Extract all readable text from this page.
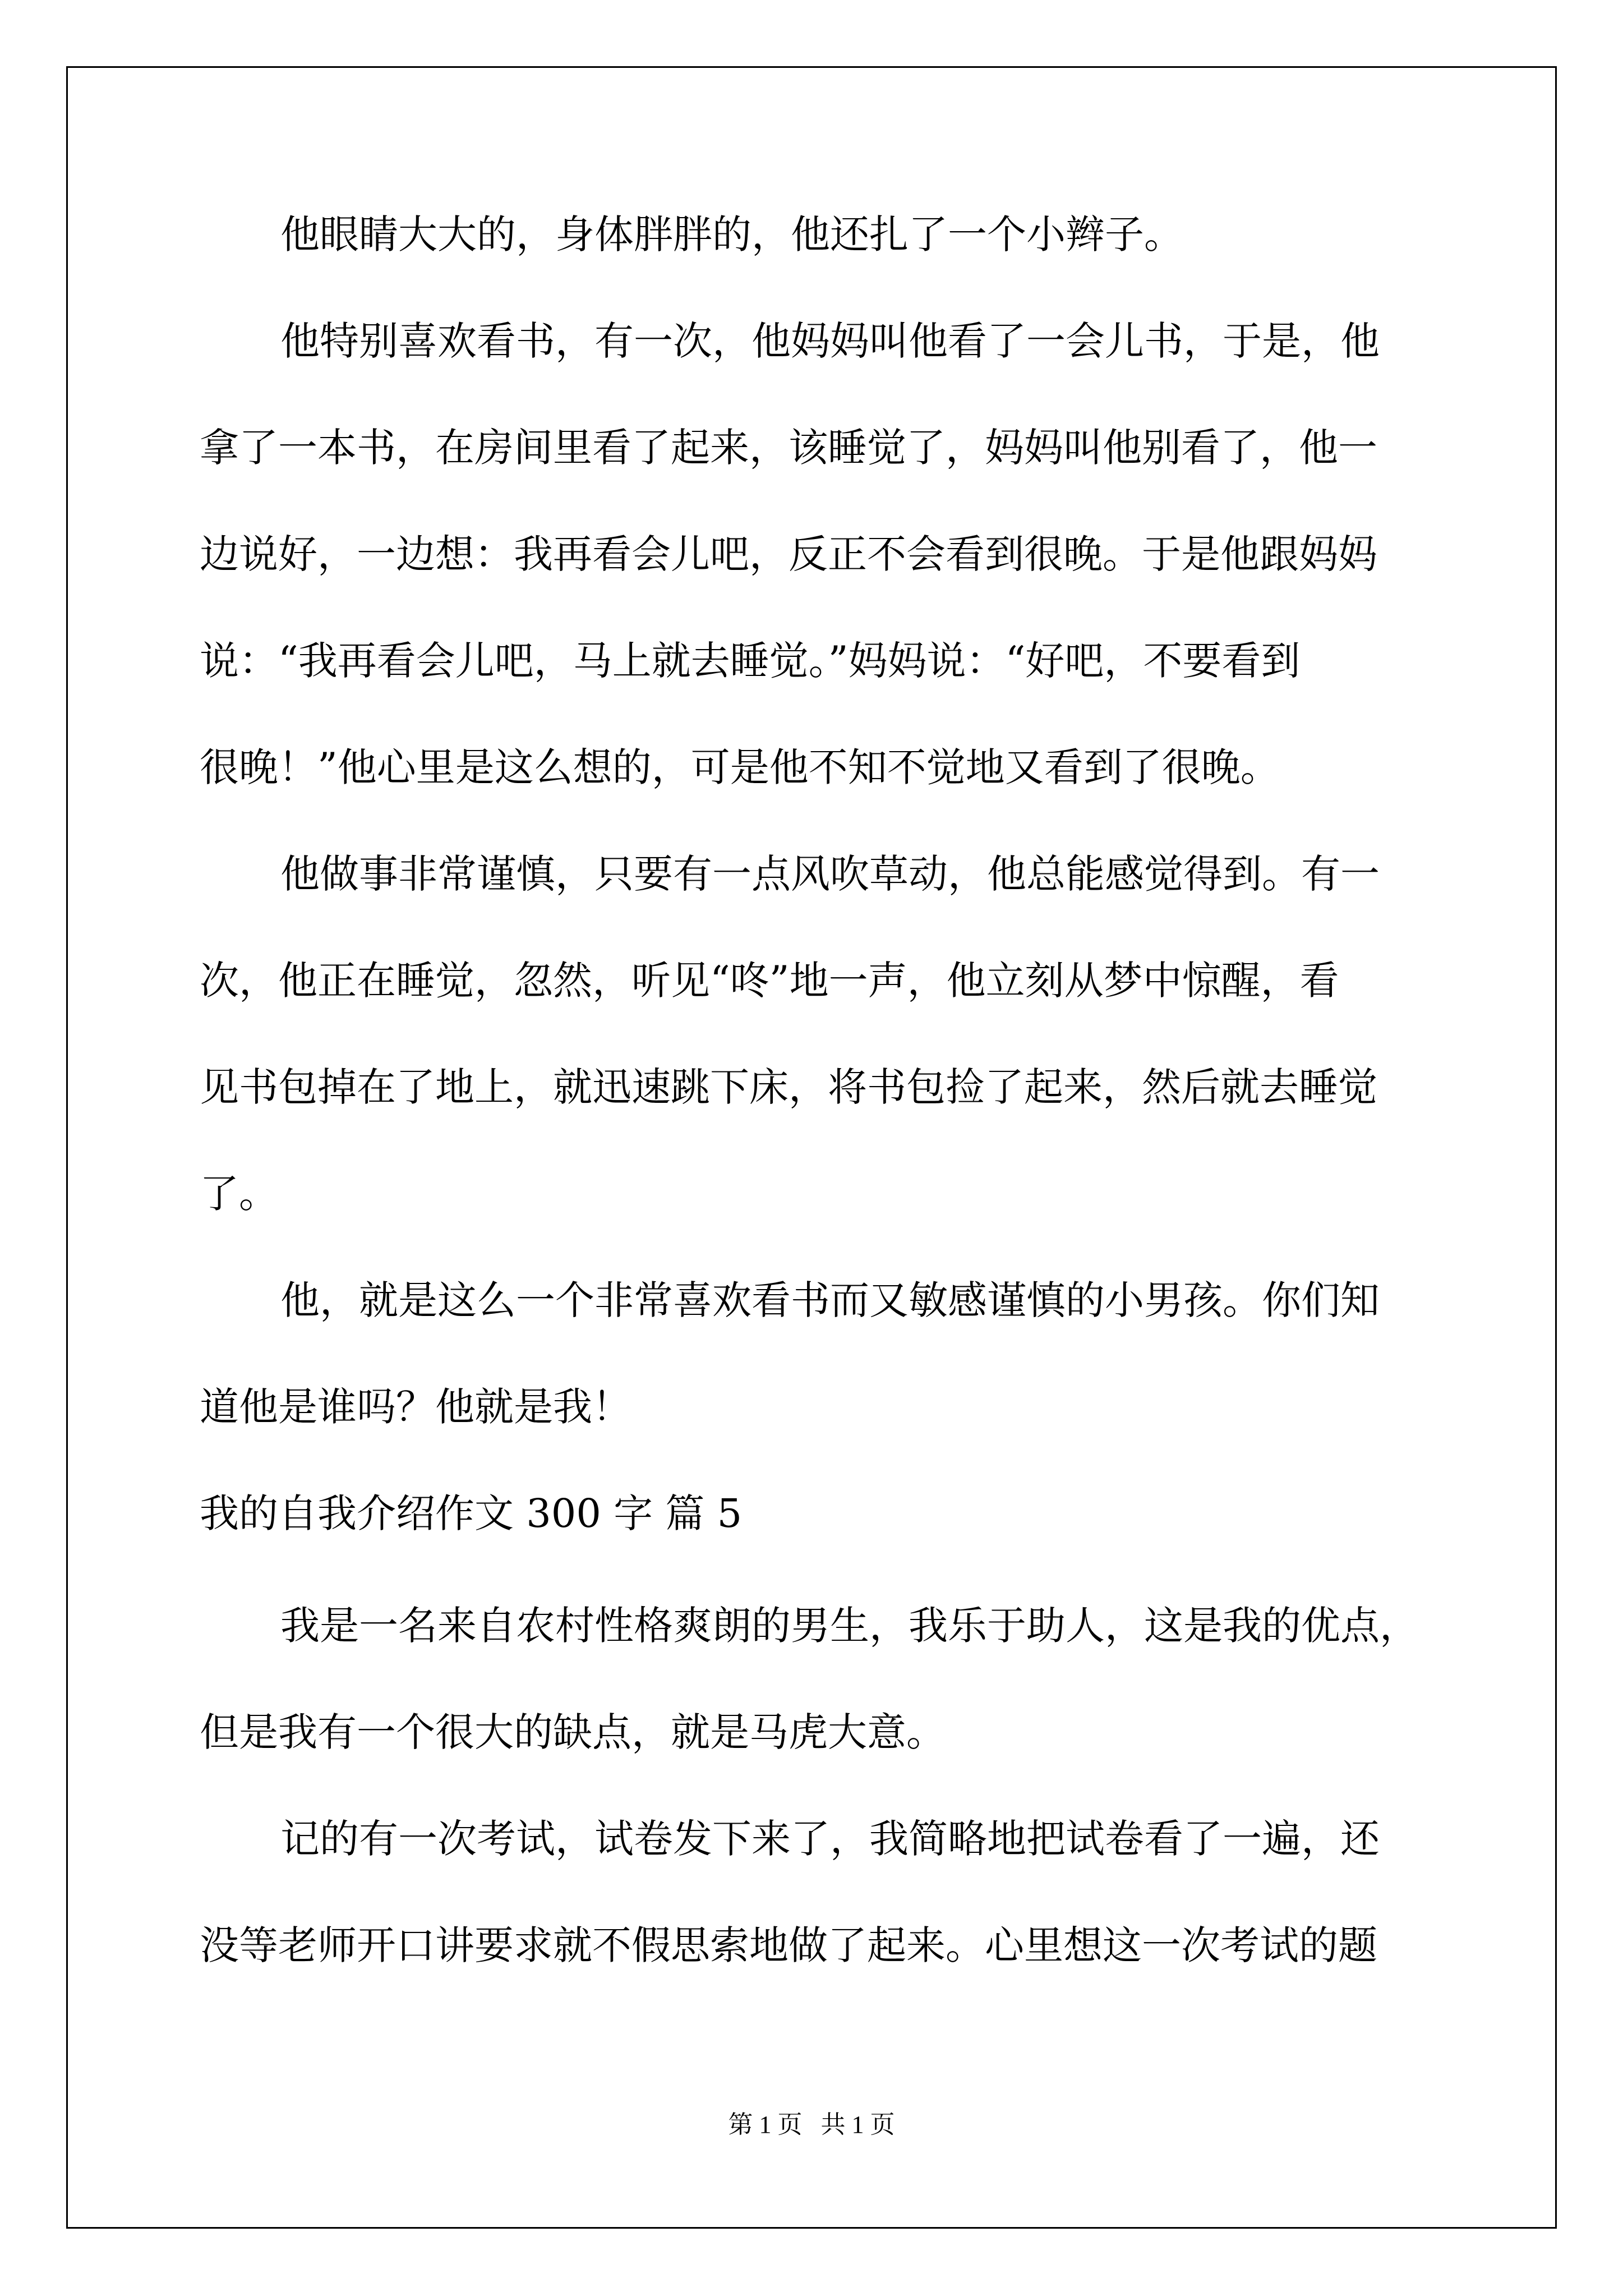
他眼睛大大的，身体胖胖的，他还扎了一个小辫子。
他特别喜欢看书，有一次，他妈妈叫他看了一会儿书，于是，他
拿了一本书，在房间里看了起来，该睡觉了，妈妈叫他别看了，他一
边说好，一边想：我再看会儿吧，反正不会看到很晚。于是他跟妈妈
说：“我再看会儿吧，马上就去睡觉。”妈妈说：“好吧，不要看到
很晚！”他心里是这么想的，可是他不知不觉地又看到了很晚。
他做事非常谨慎，只要有一点风吹草动，他总能感觉得到。有一
次，他正在睡觉，忽然，听见“咚”地一声，他立刻从梦中惊醒，看
见书包掉在了地上，就迅速跳下床，将书包捡了起来，然后就去睡觉
了。
他，就是这么一个非常喜欢看书而又敏感谨慎的小男孩。你们知
道他是谁吗？他就是我！
我的自我介绍作文 300 字 篇 5
我是一名来自农村性格爽朗的男生，我乐于助人，这是我的优点，
但是我有一个很大的缺点，就是马虎大意。
记的有一次考试，试卷发下来了，我简略地把试卷看了一遍，还
没等老师开口讲要求就不假思索地做了起来。心里想这一次考试的题
第 1 页   共 1 页
